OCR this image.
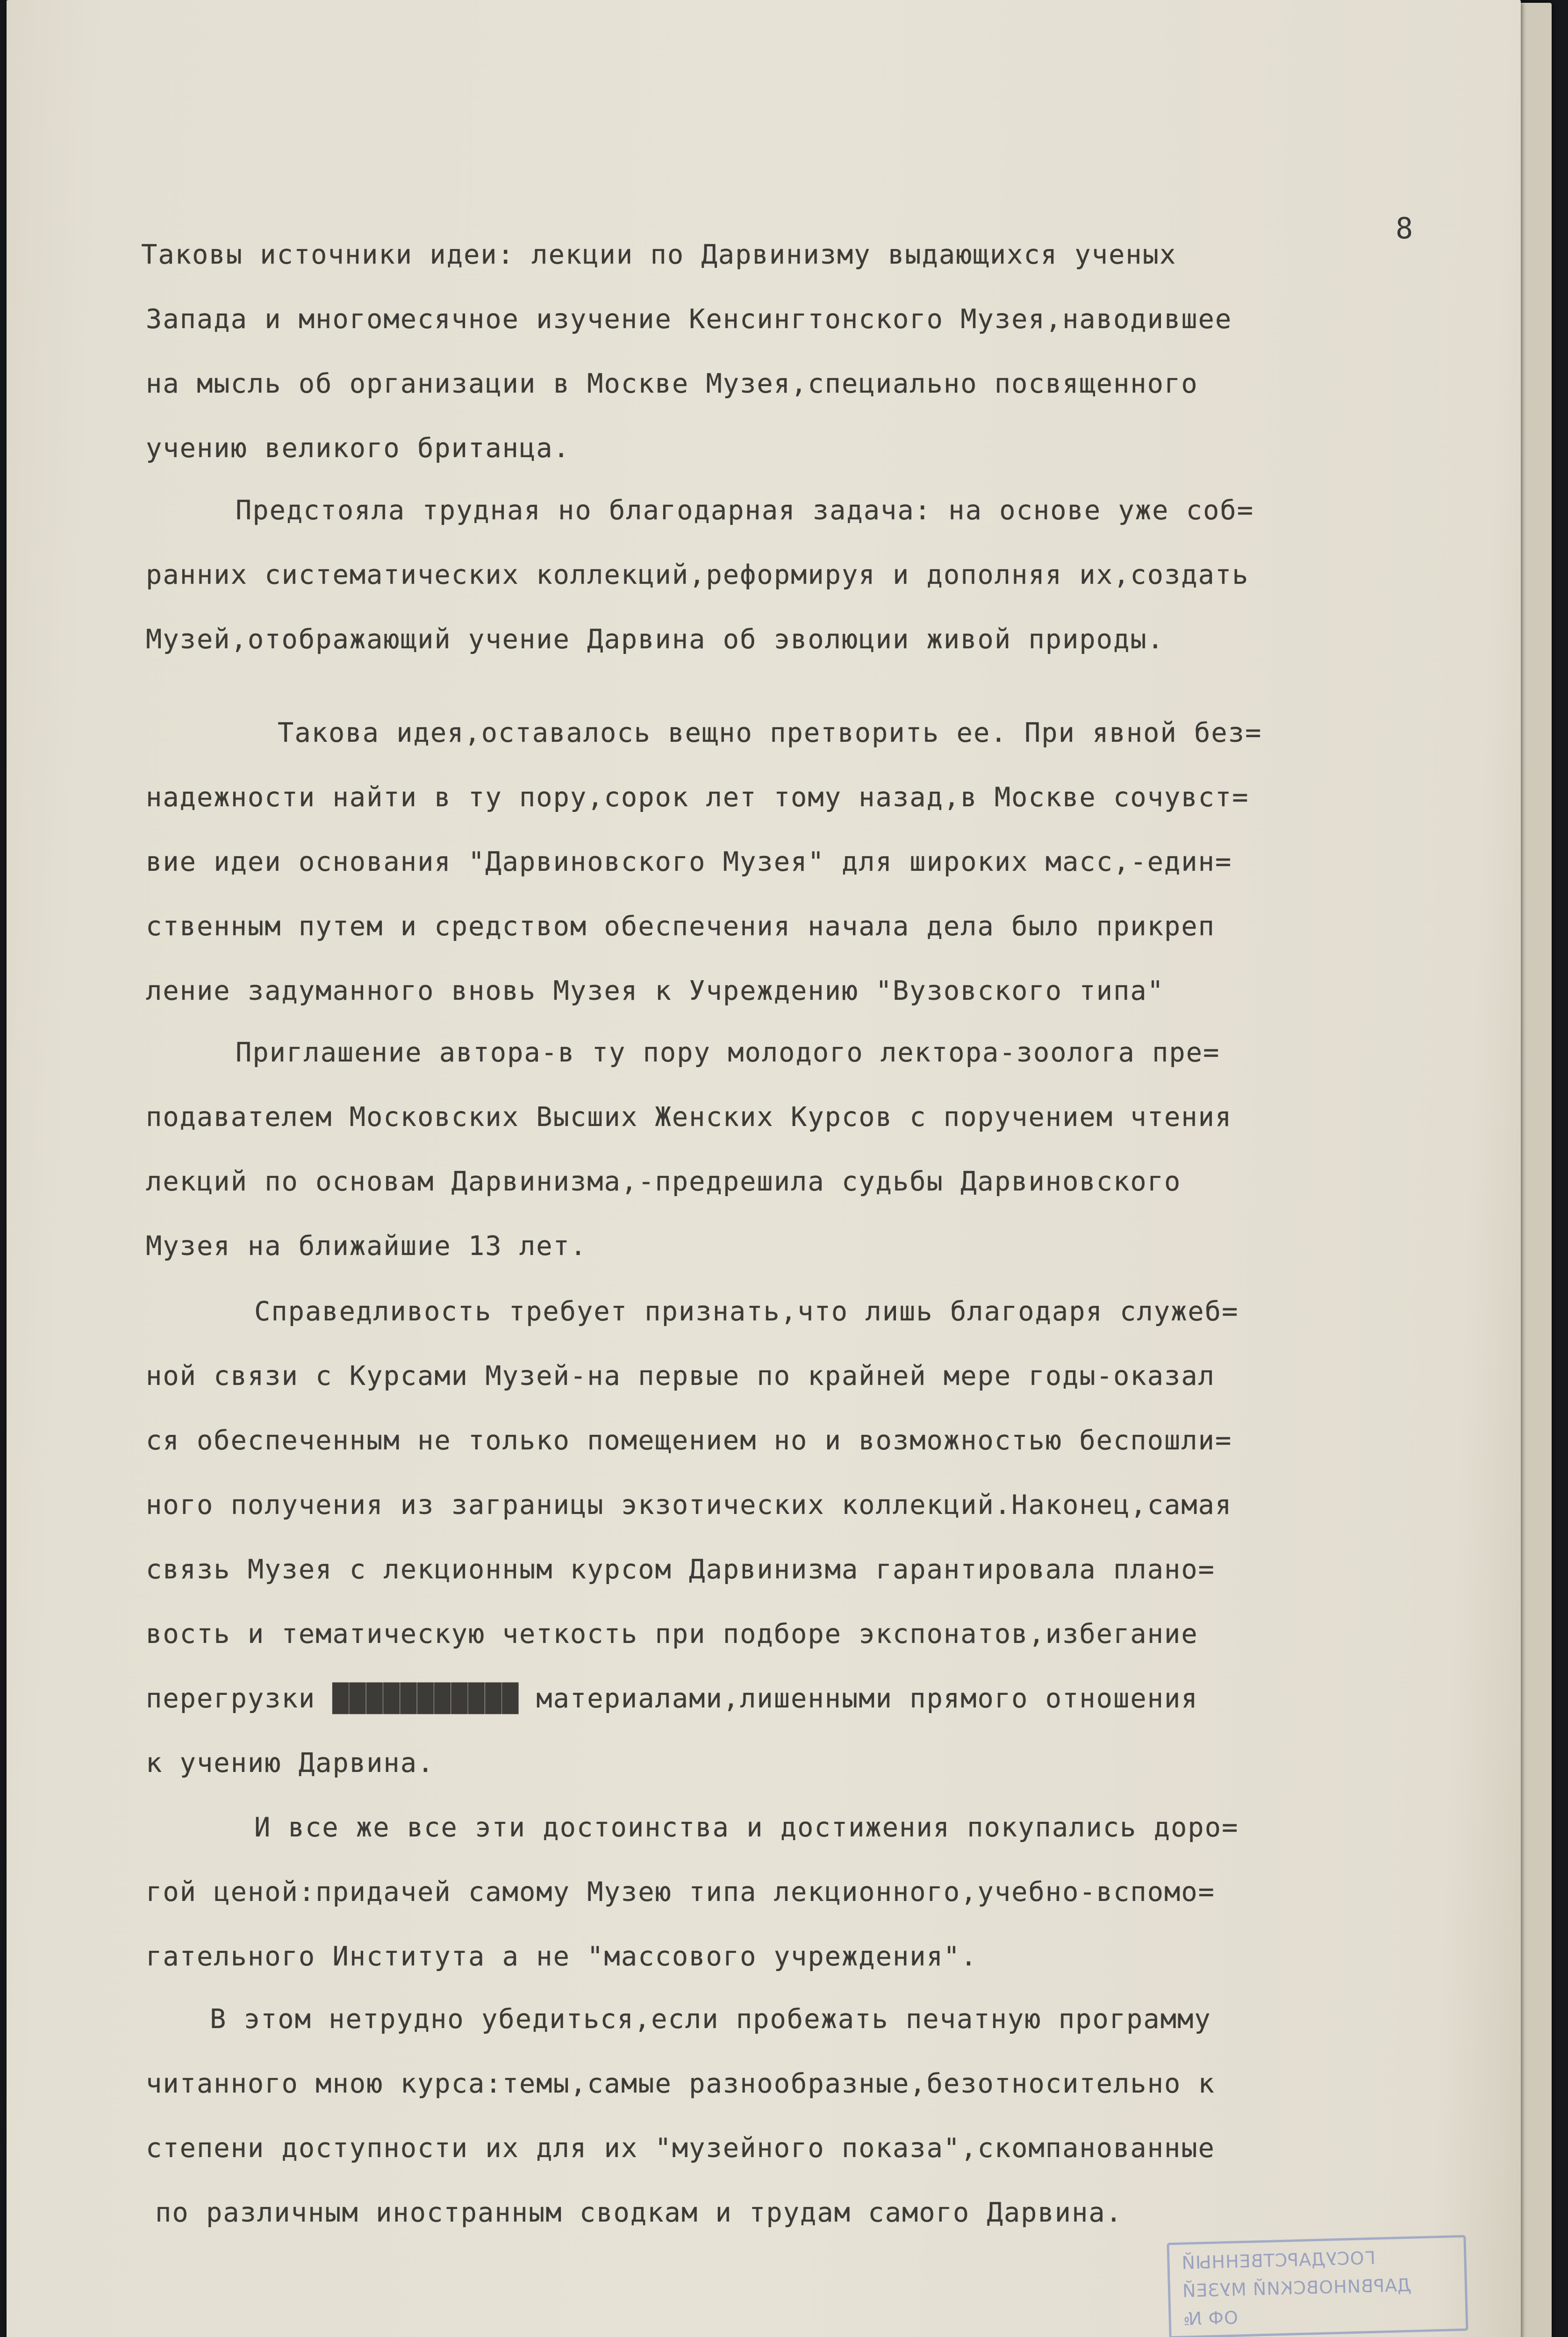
8

Таковы источники идеи: лекции по Дарвинизму выдающихся ученых

Запада и многомесячное изучение Кенсингтонского Музея,наводившее

на мысль об организации в Москве Музея,специально посвященного

учению великого британца.

Предстояла трудная но благодарная задача: на основе уже соб=

ранних систематических коллекций,реформируя и дополняя их,создать

Музей,отображающий учение Дарвина об эволюции живой природы.

Такова идея,оставалось вещно претворить ее. При явной без=

надежности найти в ту пору,сорок лет тому назад,в Москве сочувст=

вие идеи основания "Дарвиновского Музея" для широких масс,-един=

ственным путем и средством обеспечения начала дела было прикреп

ление задуманного вновь Музея к Учреждению "Вузовского типа"

Приглашение автора-в ту пору молодого лектора-зоолога пре=

подавателем Московских Высших Женских Курсов с поручением чтения

лекций по основам Дарвинизма,-предрешила судьбы Дарвиновского

Музея на ближайшие 13 лет.

Справедливость требует признать,что лишь благодаря служеб=

ной связи с Курсами Музей-на первые по крайней мере годы-оказал

ся обеспеченным не только помещением но и возможностью беспошли=

ного получения из заграницы экзотических коллекций.Наконец,самая

связь Музея с лекционным курсом Дарвинизма гарантировала плано=

вость и тематическую четкость при подборе экспонатов,избегание

перегрузки ███████████ материалами,лишенными прямого отношения

к учению Дарвина.

И все же все эти достоинства и достижения покупались доро=

гой ценой:придачей самому Музею типа лекционного,учебно-вспомо=

гательного Института а не "массового учреждения".

В этом нетрудно убедиться,если пробежать печатную программу

читанного мною курса:темы,самые разнообразные,безотносительно к

степени доступности их для их "музейного показа",скомпанованные

по различным иностранным сводкам и трудам самого Дарвина.

ГОСУДАРСТВЕННЫЙ
ДАРВИНОВСКИЙ МУЗЕЙ
ОФ №
